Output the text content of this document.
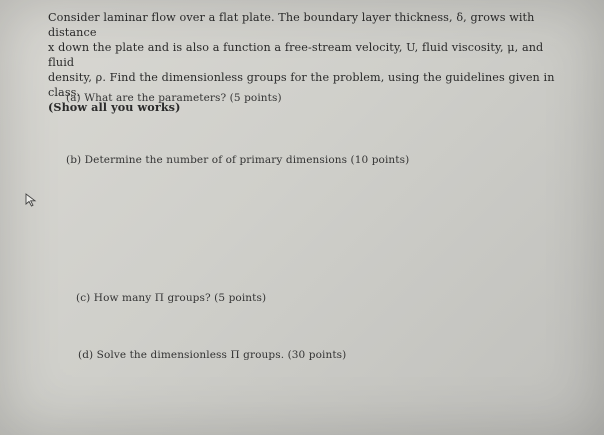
Consider laminar flow over a flat plate. The boundary layer thickness, δ, grows with distance

x down the plate and is also a function a free-stream velocity, U, fluid viscosity, μ, and fluid

density, ρ. Find the dimensionless groups for the problem, using the guidelines given in class.

(Show all you works)

(a) What are the parameters? (5 points)
(b) Determine the number of of primary dimensions (10 points)
(c) How many Π groups? (5 points)
(d) Solve the dimensionless Π groups. (30 points)
